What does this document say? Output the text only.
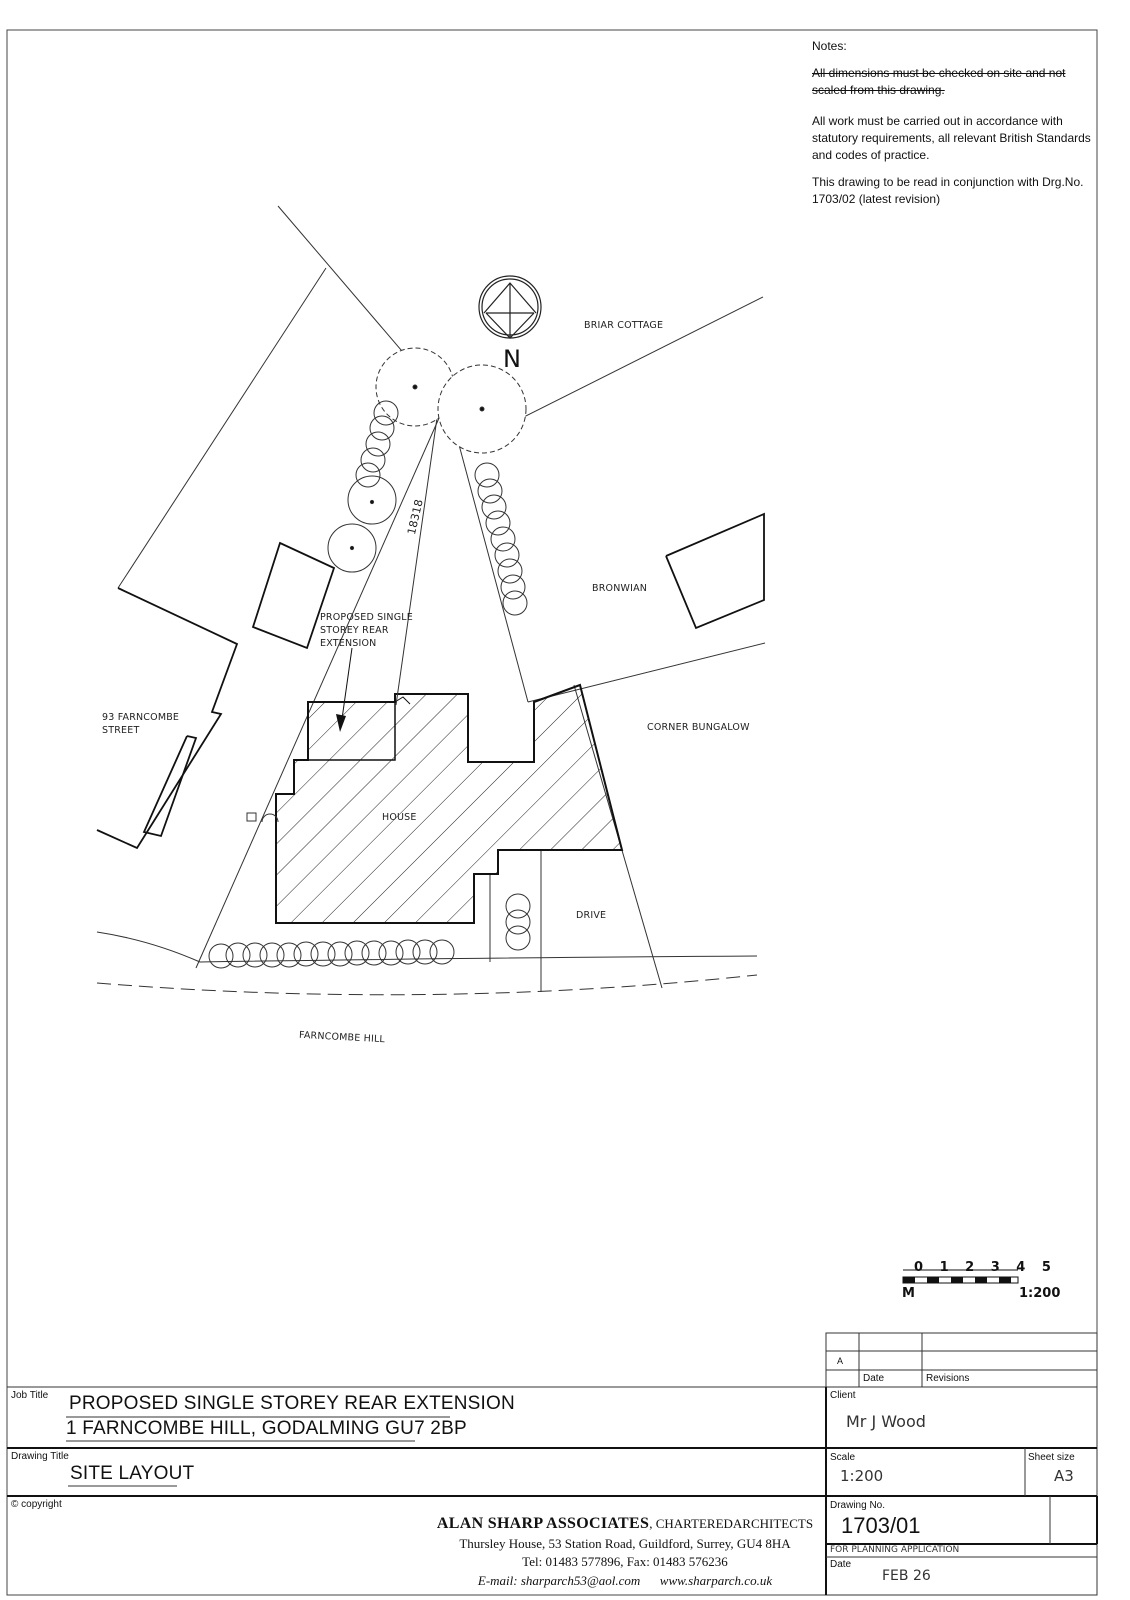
Notes:

All dimensions must be checked on site and not
scaled from this drawing.

All work must be carried out in accordance with statutory requirements, all relevant British Standards and codes of practice.

This drawing to be read in conjunction with Drg.No. 1703/02 (latest revision)

N
BRIAR COTTAGE
BRONWIAN
CORNER BUNGALOW
93 FARNCOMBE
STREET
PROPOSED SINGLE
STOREY REAR
EXTENSION
HOUSE
DRIVE
FARNCOMBE HILL
18318
0 1 2 3 4 5
M	1:200
A
Date	Revisions
Job Title PROPOSED SINGLE STOREY REAR EXTENSION
1 FARNCOMBE HILL, GODALMING GU7 2BP
Client
Mr J Wood
Drawing Title
SITE LAYOUT
Scale
1:200
Sheet size
A3
© copyright
ALAN SHARP ASSOCIATES, CHARTEREDARCHITECTS
Thursley House, 53 Station Road, Guildford, Surrey, GU4 8HA
Tel: 01483 577896, Fax: 01483 576236
E-mail: sharparch53@aol.com      www.sharparch.co.uk
Drawing No.
1703/01
FOR PLANNING APPLICATION
Date
FEB 26
